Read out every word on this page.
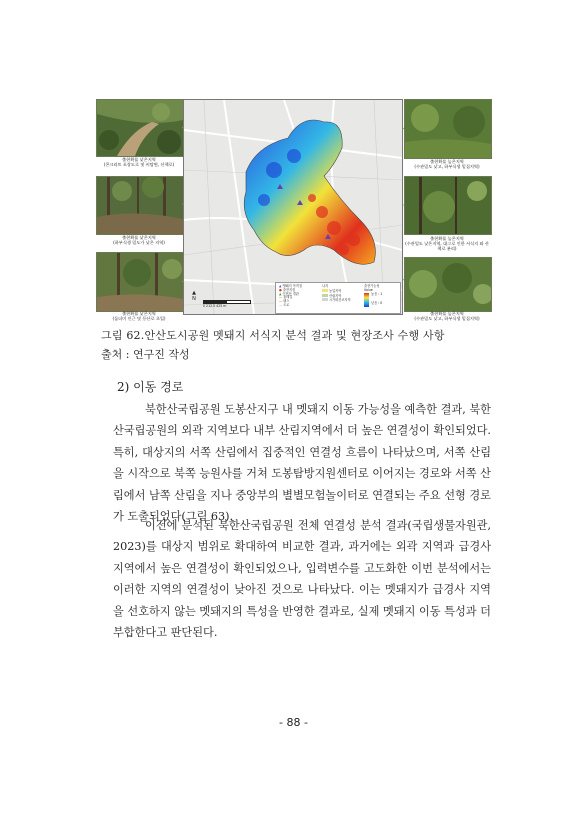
출현확률 낮은지역
(콘크리트 포장도로 및 비탈면, 산책로)
출현확률 낮은지역
(하부식생 밀도가 낮은 지역)
출현확률 낮은지역
(돌더미 인근 및 등산로 초입)
출현확률 높은지역
(수관밀도 낮고, 하부식생 밀집지역)
출현확률 높은지역
(수관밀도 낮은지역, 대그로 인한 서식지 와 산책로 분리)
출현확률 높은지역
(수관밀도 낮고, 하부식생 밀집지역)
▲ 멧돼지 목격점
● 출현지점
▲ 인현산 경관
— 둘레길
— 펜스
— 도로
나지
농업지역
산림지역
시가화건조지역
출현가능성
Value
높음 : 1
낮음 : 0
0 212.5 425 m
▲
N
그림 62.안산도시공원 멧돼지 서식지 분석 결과 및 현장조사 수행 사항
출처 : 연구진 작성
2) 이동 경로
북한산국립공원 도봉산지구 내 멧돼지 이동 가능성을 예측한 결과, 북한산국립공원의 외곽 지역보다 내부 산림지역에서 더 높은 연결성이 확인되었다. 특히, 대상지의 서쪽 산림에서 집중적인 연결성 흐름이 나타났으며, 서쪽 산림을 시작으로 북쪽 능원사를 거쳐 도봉탐방지원센터로 이어지는 경로와 서쪽 산림에서 남쪽 산림을 지나 중앙부의 별별모험놀이터로 연결되는 주요 선형 경로가 도출되었다(그림 63).
이전에 분석된 북한산국립공원 전체 연결성 분석 결과(국립생물자원관, 2023)를 대상지 범위로 확대하여 비교한 결과, 과거에는 외곽 지역과 급경사 지역에서 높은 연결성이 확인되었으나, 입력변수를 고도화한 이번 분석에서는 이러한 지역의 연결성이 낮아진 것으로 나타났다. 이는 멧돼지가 급경사 지역을 선호하지 않는 멧돼지의 특성을 반영한 결과로, 실제 멧돼지 이동 특성과 더 부합한다고 판단된다.
- 88 -
